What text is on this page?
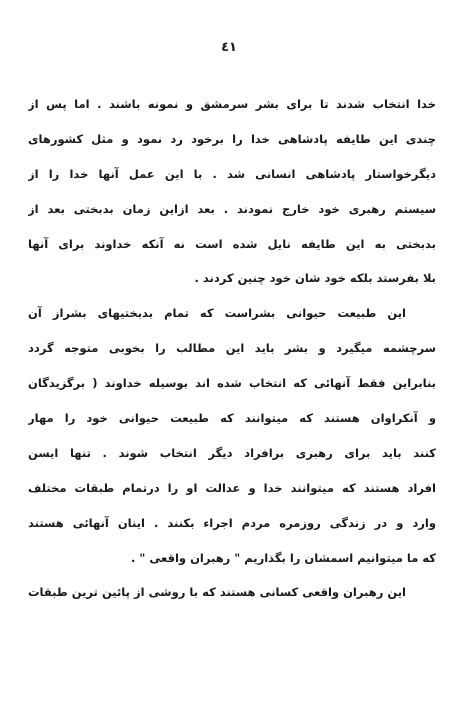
٤١
خدا انتخاب شدند تا برای بشر سرمشق و نمونه باشند . اما پس از
چندی این طایفه پادشاهی خدا را برخود رد نمود و مثل کشورهای
دیگرخواستار پادشاهی انسانی شد . با این عمل آنها خدا را از
سیستم رهبری خود خارج نمودند . بعد ازاین زمان بدبختی بعد از
بدبختی به این طایفه نایل شده است نه آنکه خداوند برای آنها
بلا بفرستد بلکه خود شان خود چنین کردند .
این طبیعت حیوانی بشراست که تمام بدبختیهای بشراز آن
سرچشمه میگیرد و بشر باید این مطالب را بخوبی متوجه گردد
بنابراین فقط آنهائی که انتخاب شده اند بوسیله خداوند ( برگزیدگان
و آنکراوان هستند که میتوانند که طبیعت حیوانی خود را مهار
کنند باید برای رهبری برافراد دیگر انتخاب شوند . تنها ایسن
افراد هستند که میتوانند خدا و عدالت او را درتمام طبقات مختلف
وارد و در زندگی روزمره مردم اجراء بکنند . اینان آنهائی هستند
که ما میتوانیم اسمشان را بگذاریم " رهبران واقعی " .
این رهبران واقعی کسانی هستند که با روشی از پائین ترین طبقات
